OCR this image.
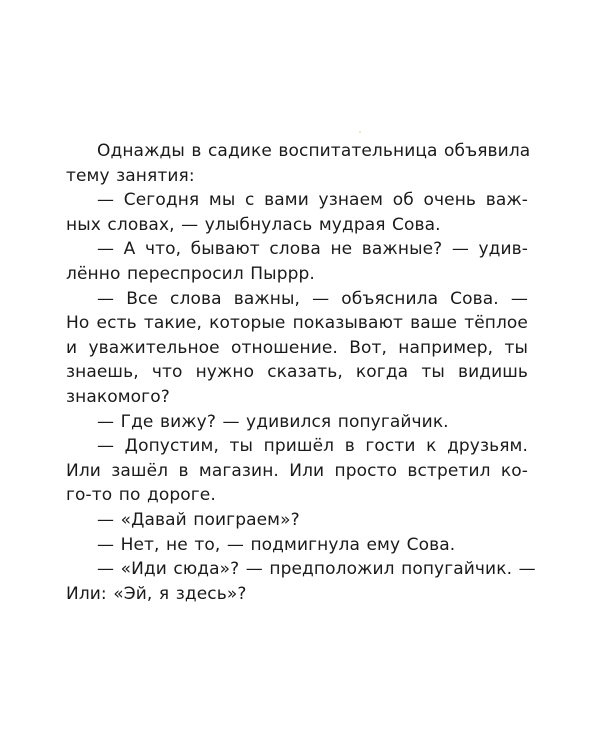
Однажды в садике воспитательница объявила
тему занятия:
— Сегодня мы с вами узнаем об очень важ-
ных словах, — улыбнулась мудрая Сова.
— А что, бывают слова не важные? — удив-
лённо переспросил Пыррр.
— Все слова важны, — объяснила Сова. —
Но есть такие, которые показывают ваше тёплое
и уважительное отношение. Вот, например, ты
знаешь, что нужно сказать, когда ты видишь
знакомого?
— Где вижу? — удивился попугайчик.
— Допустим, ты пришёл в гости к друзьям.
Или зашёл в магазин. Или просто встретил ко-
го-то по дороге.
— «Давай поиграем»?
— Нет, не то, — подмигнула ему Сова.
— «Иди сюда»? — предположил попугайчик. —
Или: «Эй, я здесь»?
